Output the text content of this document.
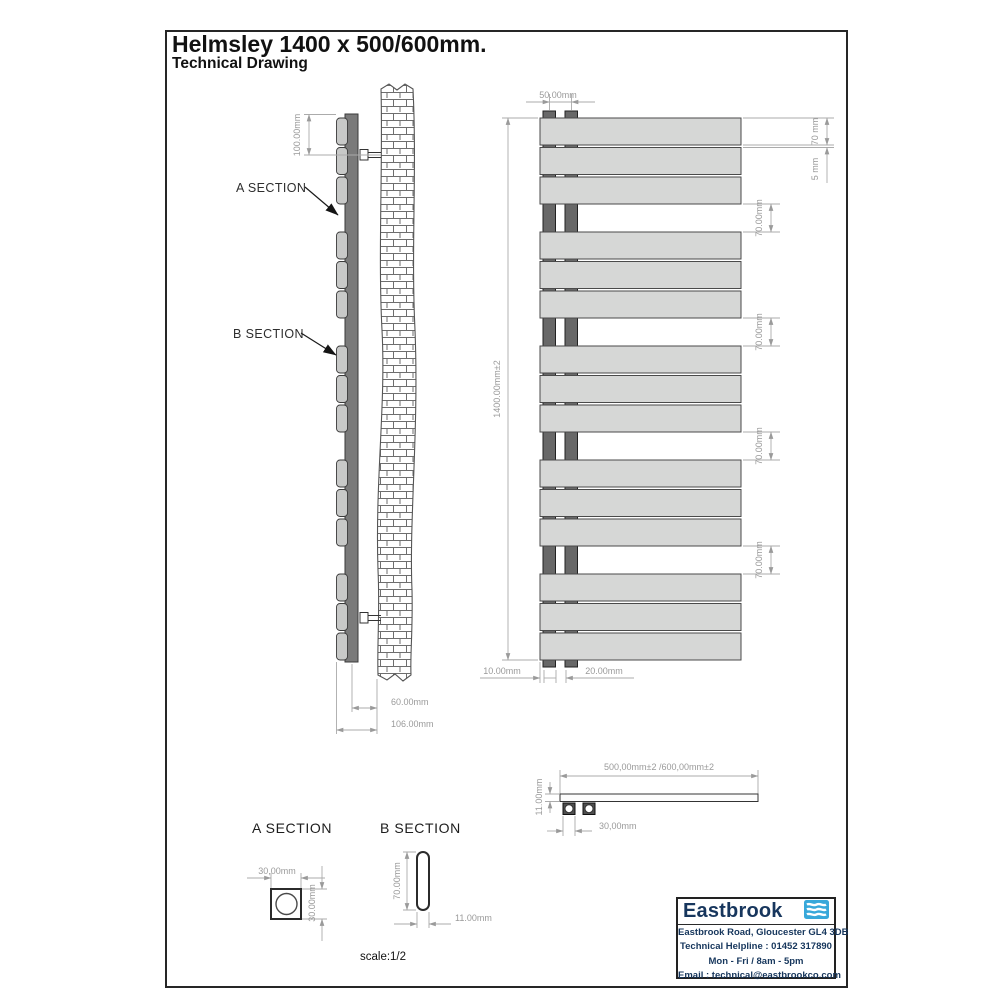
Helmsley 1400 x 500/600mm.
Technical Drawing
100.00mm
A SECTION
B SECTION
60.00mm
106.00mm
50.00mm
1400.00mm±2
70 mm
5 mm
70.00mm
70.00mm
70.00mm
70.00mm
10.00mm	20.00mm
500,00mm±2 /600,00mm±2
11.00mm
30,00mm
A SECTION
30,00mm
30.00mm
B SECTION
70.00mm
11.00mm
scale:1/2
Eastbrook
Eastbrook Road, Gloucester GL4 3DB
Technical Helpline : 01452 317890
Mon - Fri / 8am - 5pm
Email : technical@eastbrookco.com
